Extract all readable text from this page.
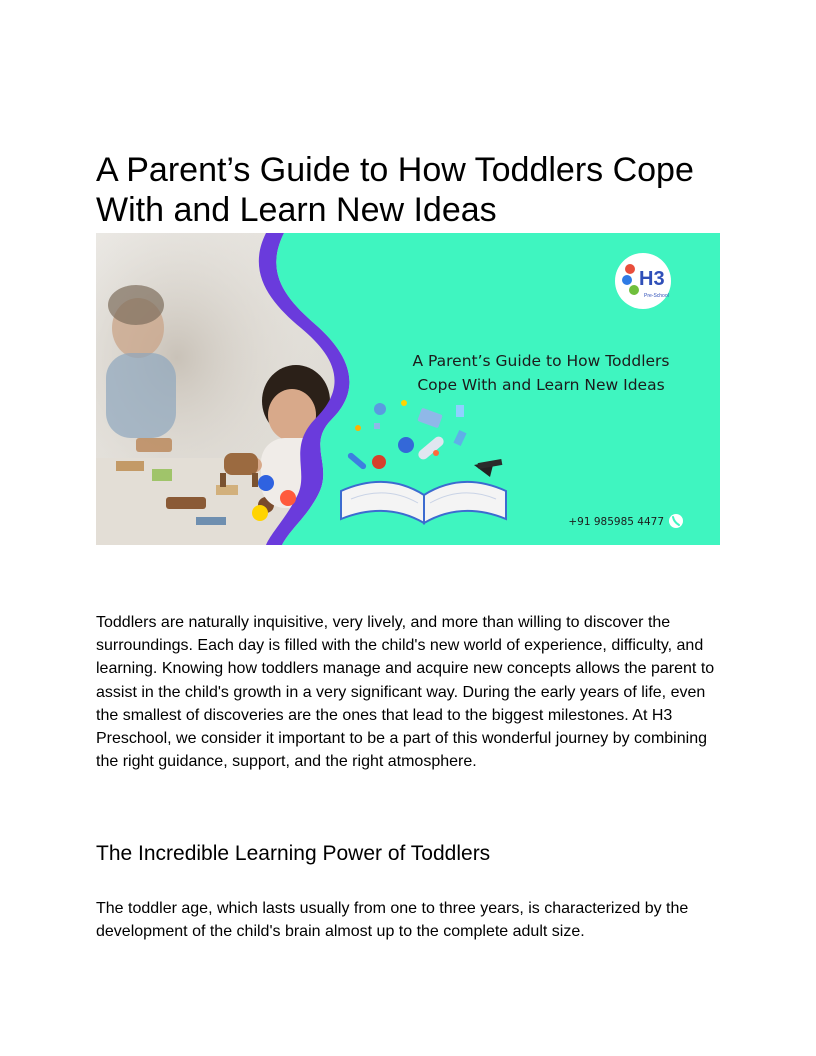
A Parent’s Guide to How Toddlers Cope With and Learn New Ideas
H3
Pre-School
A Parent’s Guide to How Toddlers
Cope With and Learn New Ideas
+91 985985 4477

Toddlers are naturally inquisitive, very lively, and more than willing to discover the surroundings. Each day is filled with the child's new world of experience, difficulty, and learning. Knowing how toddlers manage and acquire new concepts allows the parent to assist in the child's growth in a very significant way. During the early years of life, even the smallest of discoveries are the ones that lead to the biggest milestones. At H3 Preschool, we consider it important to be a part of this wonderful journey by combining the right guidance, support, and the right atmosphere.

The Incredible Learning Power of Toddlers

The toddler age, which lasts usually from one to three years, is characterized by the development of the child's brain almost up to the complete adult size.
